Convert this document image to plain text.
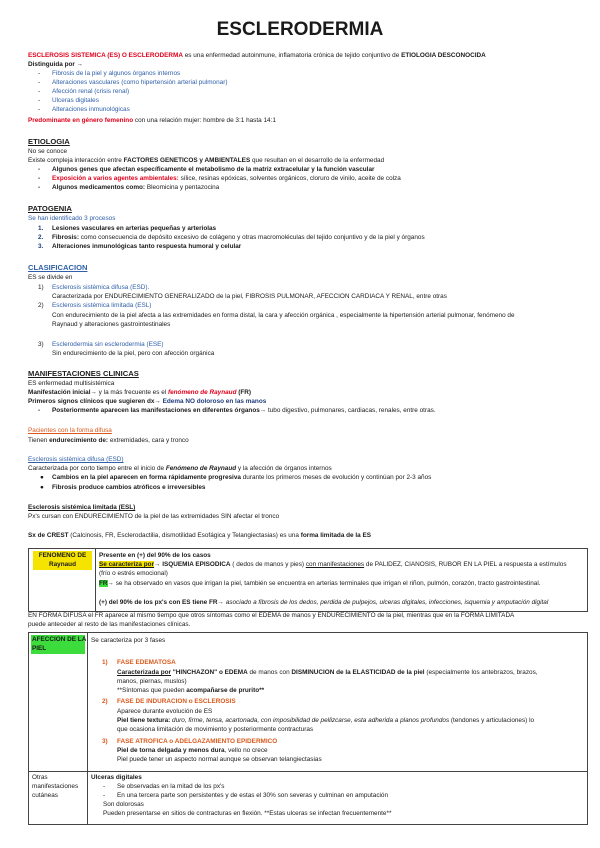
ESCLERODERMIA
ESCLEROSIS SISTEMICA (ES) O ESCLERODERMA es una enfermedad autoinmune, inflamatoria crónica de tejido conjuntivo de ETIOLOGIA DESCONOCIDA
Distinguida por →
- Fibrosis de la piel y algunos órganos internos
- Alteraciones vasculares (como hipertensión arterial pulmonar)
- Afección renal (crisis renal)
- Ulceras digitales
- Alteraciones inmunológicas
Predominante en género femenino con una relación mujer: hombre de 3:1 hasta 14:1
ETIOLOGIA
No se conoce
Existe compleja interacción entre FACTORES GENETICOS y AMBIENTALES que resultan en el desarrollo de la enfermedad
- Algunos genes que afectan específicamente el metabolismo de la matriz extracelular y la función vascular
- Exposición a varios agentes ambientales: sílice, resinas epóxicas, solventes orgánicos, cloruro de vinilo, aceite de colza
- Algunos medicamentos como: Bleomicina y pentazocina
PATOGENIA
Se han identificado 3 procesos
1. Lesiones vasculares en arterias pequeñas y arteriolas
2. Fibrosis: como consecuencia de depósito excesivo de colágeno y otras macromoléculas del tejido conjuntivo y de la piel y órganos
3. Alteraciones inmunológicas tanto respuesta humoral y celular
CLASIFICACION
ES se divide en
1) Esclerosis sistémica difusa (ESD).
Caracterizada por ENDURECIMIENTO GENERALIZADO de la piel, FIBROSIS PULMONAR, AFECCION CARDIACA Y RENAL, entre otras
2) Esclerosis sistémica limitada (ESL)
Con endurecimiento de la piel afecta a las extremidades en forma distal, la cara y afección orgánica , especialmente la hipertensión arterial pulmonar, fenómeno de
Raynaud y alteraciones gastrointestinales
3) Esclerodermia sin esclerodermia (ESE)
Sin endurecimiento de la piel, pero con afección orgánica
MANIFESTACIONES CLINICAS
ES enfermedad multisistémica
Manifestación inicial→ y la más frecuente es el fenómeno de Raynaud (FR)
Primeros signos clínicos que sugieren dx→ Edema NO doloroso en las manos
- Posteriormente aparecen las manifestaciones en diferentes órganos→ tubo digestivo, pulmonares, cardiacas, renales, entre otras.
Pacientes con la forma difusa
Tienen endurecimiento de: extremidades, cara y tronco
Esclerosis sistémica difusa (ESD)
Caracterizada por corto tiempo entre el inicio de Fenómeno de Raynaud y la afección de órganos internos
● Cambios en la piel aparecen en forma rápidamente progresiva durante los primeros meses de evolución y continúan por 2-3 años
● Fibrosis produce cambios atróficos e irreversibles
Esclerosis sistémica limitada (ESL)
Px's cursan con ENDURECIMIENTO de la piel de las extremidades SIN afectar el tronco
Sx de CREST (Calcinosis, FR, Esclerodactilia, dismotilidad Esofágica y Telangiectasias) es una forma limitada de la ES
FENOMENO DE
Raynaud
Presente en (+) del 90% de los casos
Se caracteriza por→ ISQUEMIA EPISODICA ( dedos de manos y pies) con manifestaciones de PALIDEZ, CIANOSIS, RUBOR EN LA PIEL a respuesta a estímulos
(frío o estrés emocional)
FR→ se ha observado en vasos que irrigan la piel, también se encuentra en arterias terminales que irrigan el riñon, pulmón, corazón, tracto gastrointestinal.
(+) del 90% de los px's con ES tiene FR→ asociado a fibrosis de los dedos, perdida de pulpejos, ulceras digitales, infecciones, isquemia y amputación digital
EN FORMA DIFUSA el FR aparece al mismo tiempo que otros síntomas como el EDEMA de manos y ENDURECIMIENTO de la piel, mientras que en la FORMA LIMITADA
puede anteceder al resto de las manifestaciones clínicas.
AFECCION DE LA
PIEL
Se caracteriza por 3 fases
1) FASE EDEMATOSA
Caracterizada por "HINCHAZON" o EDEMA de manos con DISMINUCION de la ELASTICIDAD de la piel (especialmente los antebrazos, brazos,
manos, piernas, muslos)
**Síntomas que pueden acompañarse de prurito**
2) FASE DE INDURACION o ESCLEROSIS
Aparece durante evolución de ES
Piel tiene textura: duro, firme, tensa, acartonada, con imposibilidad de pellizcarse, esta adherida a planos profundos (tendones y articulaciones) lo
que ocasiona limitación de movimiento y posteriormente contracturas
3) FASE ATROFICA o ADELGAZAMIENTO EPIDERMICO
Piel de torna delgada y menos dura, vello no crece
Piel puede tener un aspecto normal aunque se observan telangiectasias
Otras
manifestaciones
cutáneas
Ulceras digitales
- Se observadas en la mitad de los px's
- En una tercera parte son persistentes y de estas el 30% son severas y culminan en amputación
Son dolorosas
Pueden presentarse en sitios de contracturas en flexión. **Estas ulceras se infectan frecuentemente**
